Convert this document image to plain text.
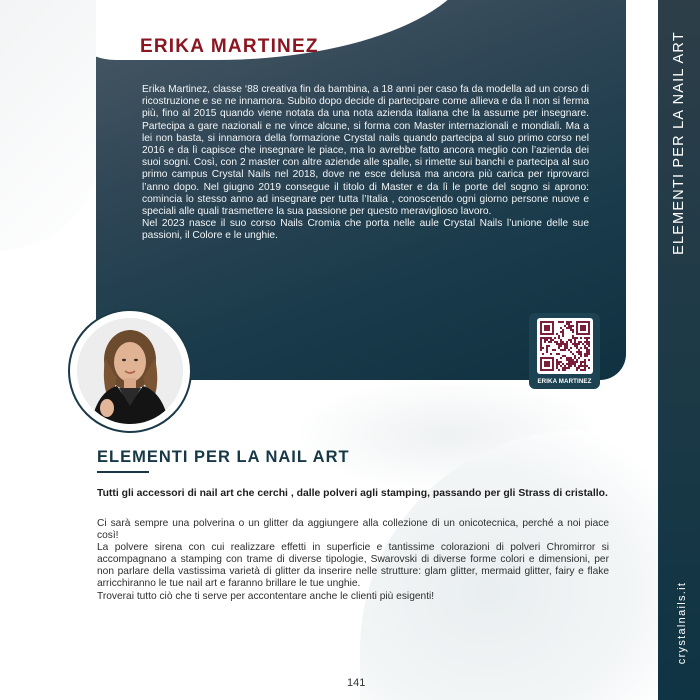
ERIKA MARTINEZ

Erika Martinez, classe ‘88 creativa fin da bambina, a 18 anni per caso fa da modella ad un corso di ricostruzione e se ne innamora. Subito dopo decide di partecipare come allieva e da lì non si ferma più, fino al 2015 quando viene notata da una nota azienda italiana che la assume per insegnare. Partecipa a gare nazionali e ne vince alcune, si forma con Master internazionali e mondiali. Ma a lei non basta, si innamora della formazione Crystal nails quando partecipa al suo primo corso nel 2016 e da lì capisce che insegnare le piace, ma lo avrebbe fatto ancora meglio con l’azienda dei suoi sogni. Così, con 2 master con altre aziende alle spalle, si rimette sui banchi e partecipa al suo primo campus Crystal Nails nel 2018, dove ne esce delusa ma ancora più carica per riprovarci l’anno dopo. Nel giugno 2019 consegue il titolo di Master e da lì le porte del sogno si aprono: comincia lo stesso anno ad insegnare per tutta l’Italia , conoscendo ogni giorno persone nuove e speciali alle quali trasmettere la sua passione per questo meraviglioso lavoro.

Nel 2023 nasce il suo corso Nails Cromia che porta nelle aule Crystal Nails l’unione delle sue passioni, il Colore e le unghie.

ERIKA MARTINEZ
ELEMENTI PER LA NAIL ART
Tutti gli accessori di nail art che cerchi , dalle polveri agli stamping, passando per gli Strass di cristallo.

Ci sarà sempre una polverina o un glitter da aggiungere alla collezione di un onicotecnica, perché a noi piace così!

La polvere sirena con cui realizzare effetti in superficie e tantissime colorazioni di polveri Chromirror si accompagnano a stamping con trame di diverse tipologie, Swarovski di diverse forme colori e dimensioni, per non parlare della vastissima varietà di glitter da inserire nelle strutture: glam glitter, mermaid glitter, fairy e flake arricchiranno le tue nail art e faranno brillare le tue unghie.

Troverai tutto ciò che ti serve per accontentare anche le clienti più esigenti!

ELEMENTI PER LA NAIL ART
crystalnails.it
141
